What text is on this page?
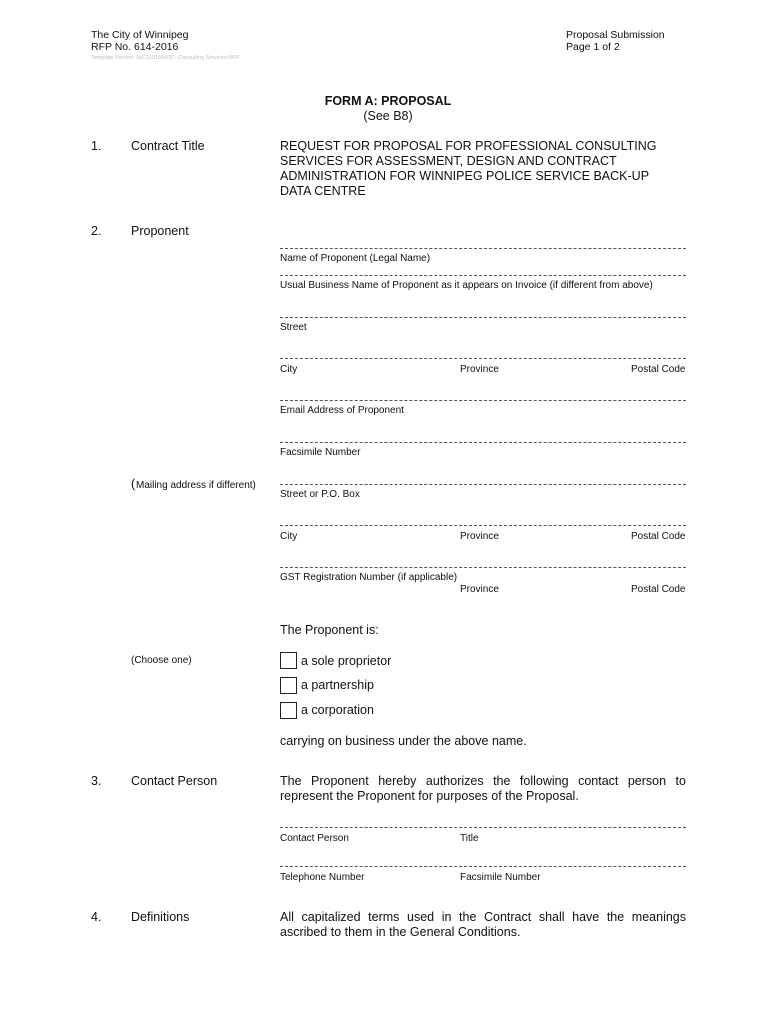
The City of Winnipeg
RFP No. 614-2016
Template Version: SrC120150605 - Consulting Services RFP
Proposal Submission
Page 1 of 2
FORM A: PROPOSAL
(See B8)
1. Contract Title	REQUEST FOR PROPOSAL FOR PROFESSIONAL CONSULTING
SERVICES FOR ASSESSMENT, DESIGN AND CONTRACT
ADMINISTRATION FOR WINNIPEG POLICE SERVICE BACK-UP
DATA CENTRE
2. Proponent
Name of Proponent (Legal Name)
Usual Business Name of Proponent as it appears on Invoice (if different from above)
Street
City	Province	Postal Code
Email Address of Proponent
Facsimile Number
( Mailing address if different)
Street or P.O. Box
City	Province	Postal Code
GST Registration Number (if applicable)
Province	Postal Code
The Proponent is:
(Choose one)	a sole proprietor
a partnership
a corporation
carrying on business under the above name.
3. Contact Person	The Proponent hereby authorizes the following contact person to represent the Proponent for purposes of the Proposal.
Contact Person	Title
Telephone Number	Facsimile Number
4. Definitions	All capitalized terms used in the Contract shall have the meanings ascribed to them in the General Conditions.
